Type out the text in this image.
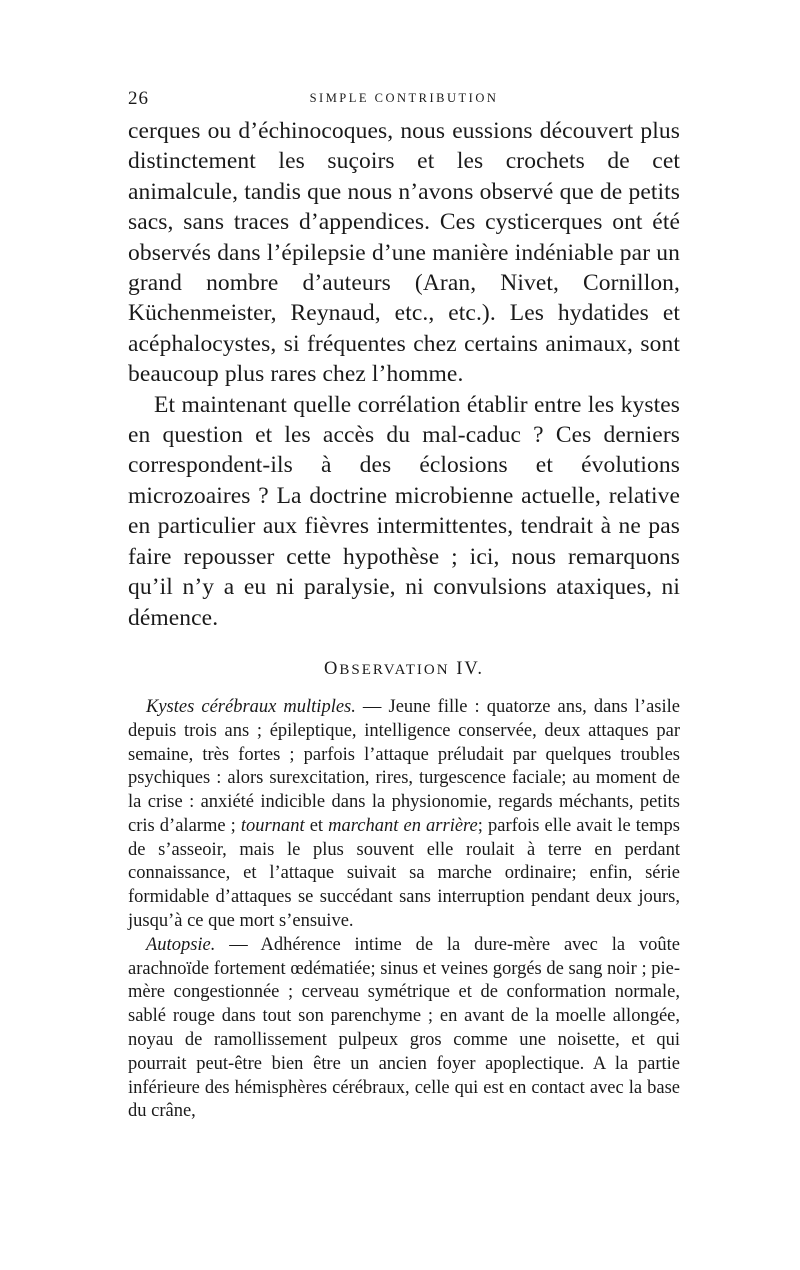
26	SIMPLE CONTRIBUTION

cerques ou d’échinocoques, nous eussions découvert plus distinctement les suçoirs et les crochets de cet animalcule, tandis que nous n’avons observé que de petits sacs, sans traces d’appendices. Ces cysticerques ont été observés dans l’épilepsie d’une manière indéniable par un grand nombre d’auteurs (Aran, Nivet, Cornillon, Küchenmeister, Reynaud, etc., etc.). Les hydatides et acéphalocystes, si fréquentes chez certains animaux, sont beaucoup plus rares chez l’homme.

Et maintenant quelle corrélation établir entre les kystes en question et les accès du mal-caduc ? Ces derniers correspondent-ils à des éclosions et évolutions microzoaires ? La doctrine microbienne actuelle, relative en particulier aux fièvres intermittentes, tendrait à ne pas faire repousser cette hypothèse ; ici, nous remarquons qu’il n’y a eu ni paralysie, ni convulsions ataxiques, ni démence.

OBSERVATION IV.

Kystes cérébraux multiples. — Jeune fille : quatorze ans, dans l’asile depuis trois ans ; épileptique, intelligence conservée, deux attaques par semaine, très fortes ; parfois l’attaque préludait par quelques troubles psychiques : alors surexcitation, rires, turgescence faciale; au moment de la crise : anxiété indicible dans la physionomie, regards méchants, petits cris d’alarme ; tournant et marchant en arrière; parfois elle avait le temps de s’asseoir, mais le plus souvent elle roulait à terre en perdant connaissance, et l’attaque suivait sa marche ordinaire; enfin, série formidable d’attaques se succédant sans interruption pendant deux jours, jusqu’à ce que mort s’ensuive.

Autopsie. — Adhérence intime de la dure-mère avec la voûte arachnoïde fortement œdématiée; sinus et veines gorgés de sang noir ; pie-mère congestionnée ; cerveau symétrique et de conformation normale, sablé rouge dans tout son parenchyme ; en avant de la moelle allongée, noyau de ramollissement pulpeux gros comme une noisette, et qui pourrait peut-être bien être un ancien foyer apoplectique. A la partie inférieure des hémisphères cérébraux, celle qui est en contact avec la base du crâne,
